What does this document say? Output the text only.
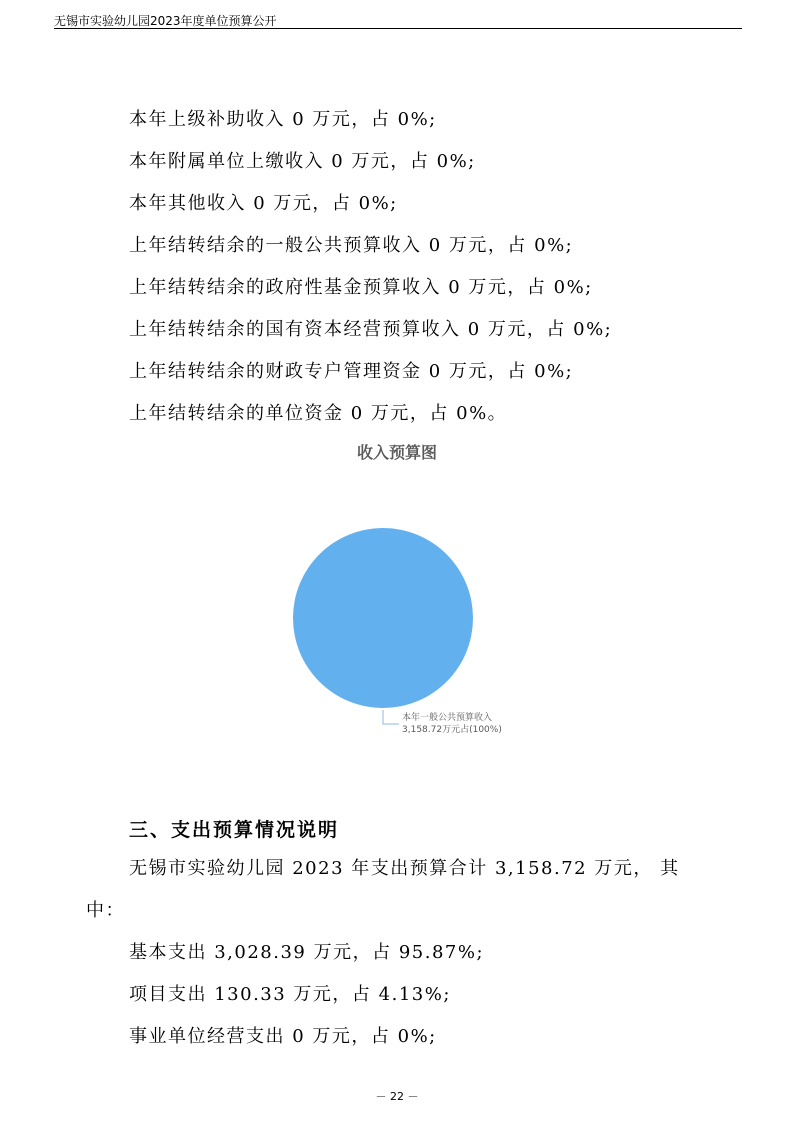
无锡市实验幼儿园2023年度单位预算公开
本年上级补助收入 0 万元，占 0%;
本年附属单位上缴收入 0 万元，占 0%;
本年其他收入 0 万元，占 0%;
上年结转结余的一般公共预算收入 0 万元，占 0%;
上年结转结余的政府性基金预算收入 0 万元，占 0%;
上年结转结余的国有资本经营预算收入 0 万元，占 0%;
上年结转结余的财政专户管理资金 0 万元，占 0%;
上年结转结余的单位资金 0 万元，占 0%。
收入预算图
本年一般公共预算收入
3,158.72万元占(100%)
三、支出预算情况说明
无锡市实验幼儿园 2023 年支出预算合计 3,158.72 万元， 其
中：
基本支出 3,028.39 万元，占 95.87%;
项目支出 130.33 万元，占 4.13%;
事业单位经营支出 0 万元，占 0%;
－ 22 －
